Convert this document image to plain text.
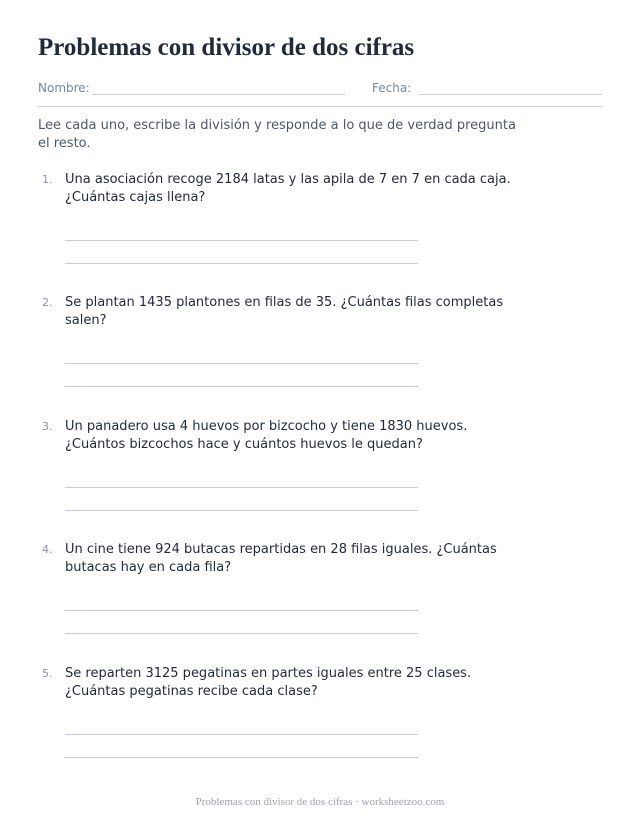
Problemas con divisor de dos cifras
Nombre:	Fecha:
Lee cada uno, escribe la división y responde a lo que de verdad pregunta el resto.
1. Una asociación recoge 2184 latas y las apila de 7 en 7 en cada caja. ¿Cuántas cajas llena?
2. Se plantan 1435 plantones en filas de 35. ¿Cuántas filas completas salen?
3. Un panadero usa 4 huevos por bizcocho y tiene 1830 huevos. ¿Cuántos bizcochos hace y cuántos huevos le quedan?
4. Un cine tiene 924 butacas repartidas en 28 filas iguales. ¿Cuántas butacas hay en cada fila?
5. Se reparten 3125 pegatinas en partes iguales entre 25 clases. ¿Cuántas pegatinas recibe cada clase?
Problemas con divisor de dos cifras · worksheetzoo.com
